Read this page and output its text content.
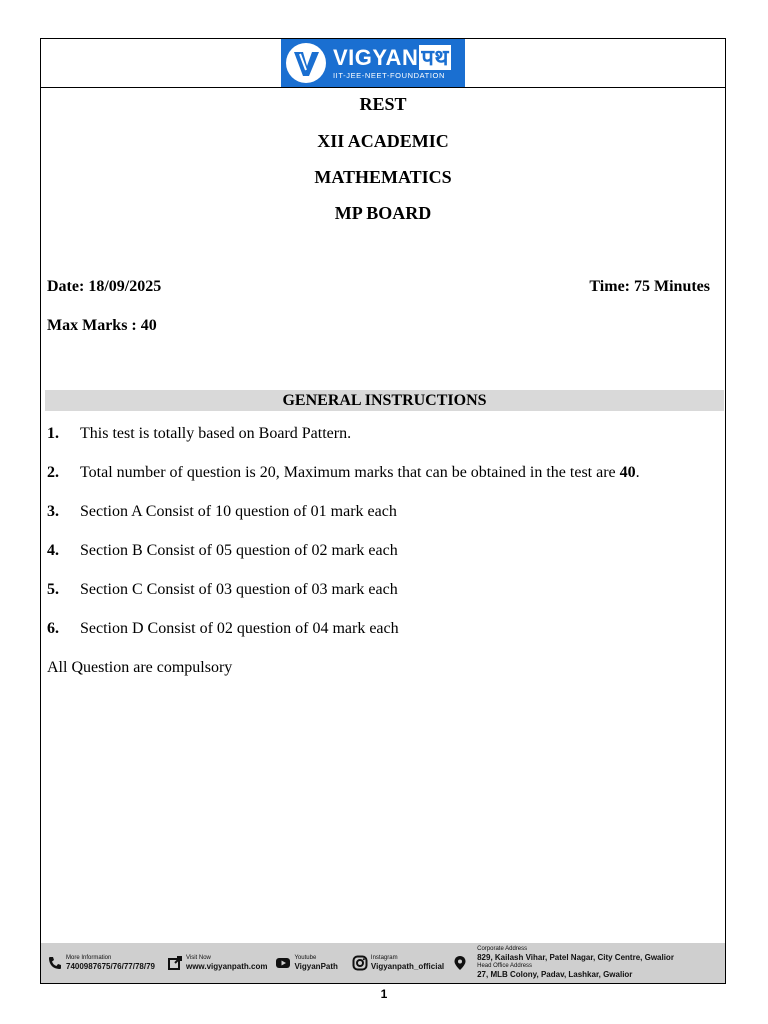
VIGYAN पथ
IIT-JEE-NEET-FOUNDATION
REST
XII ACADEMIC
MATHEMATICS
MP BOARD
Date: 18/09/2025	Time: 75 Minutes
Max Marks : 40
GENERAL INSTRUCTIONS
1.	This test is totally based on Board Pattern.
2.	Total number of question is 20, Maximum marks that can be obtained in the test are 40.
3.	Section A Consist of 10 question of 01 mark each
4.	Section B Consist of 05 question of 02 mark each
5.	Section C Consist of 03 question of 03 mark each
6.	Section D Consist of 02 question of 04 mark each
All Question are compulsory
More Information
7400987675/76/77/78/79
Visit Now
www.vigyanpath.com
Youtube
VigyanPath
Instagram
Vigyanpath_official
Corporate Address
829, Kailash Vihar, Patel Nagar, City Centre, Gwalior
Head Office Address
27, MLB Colony, Padav, Lashkar, Gwalior
1
